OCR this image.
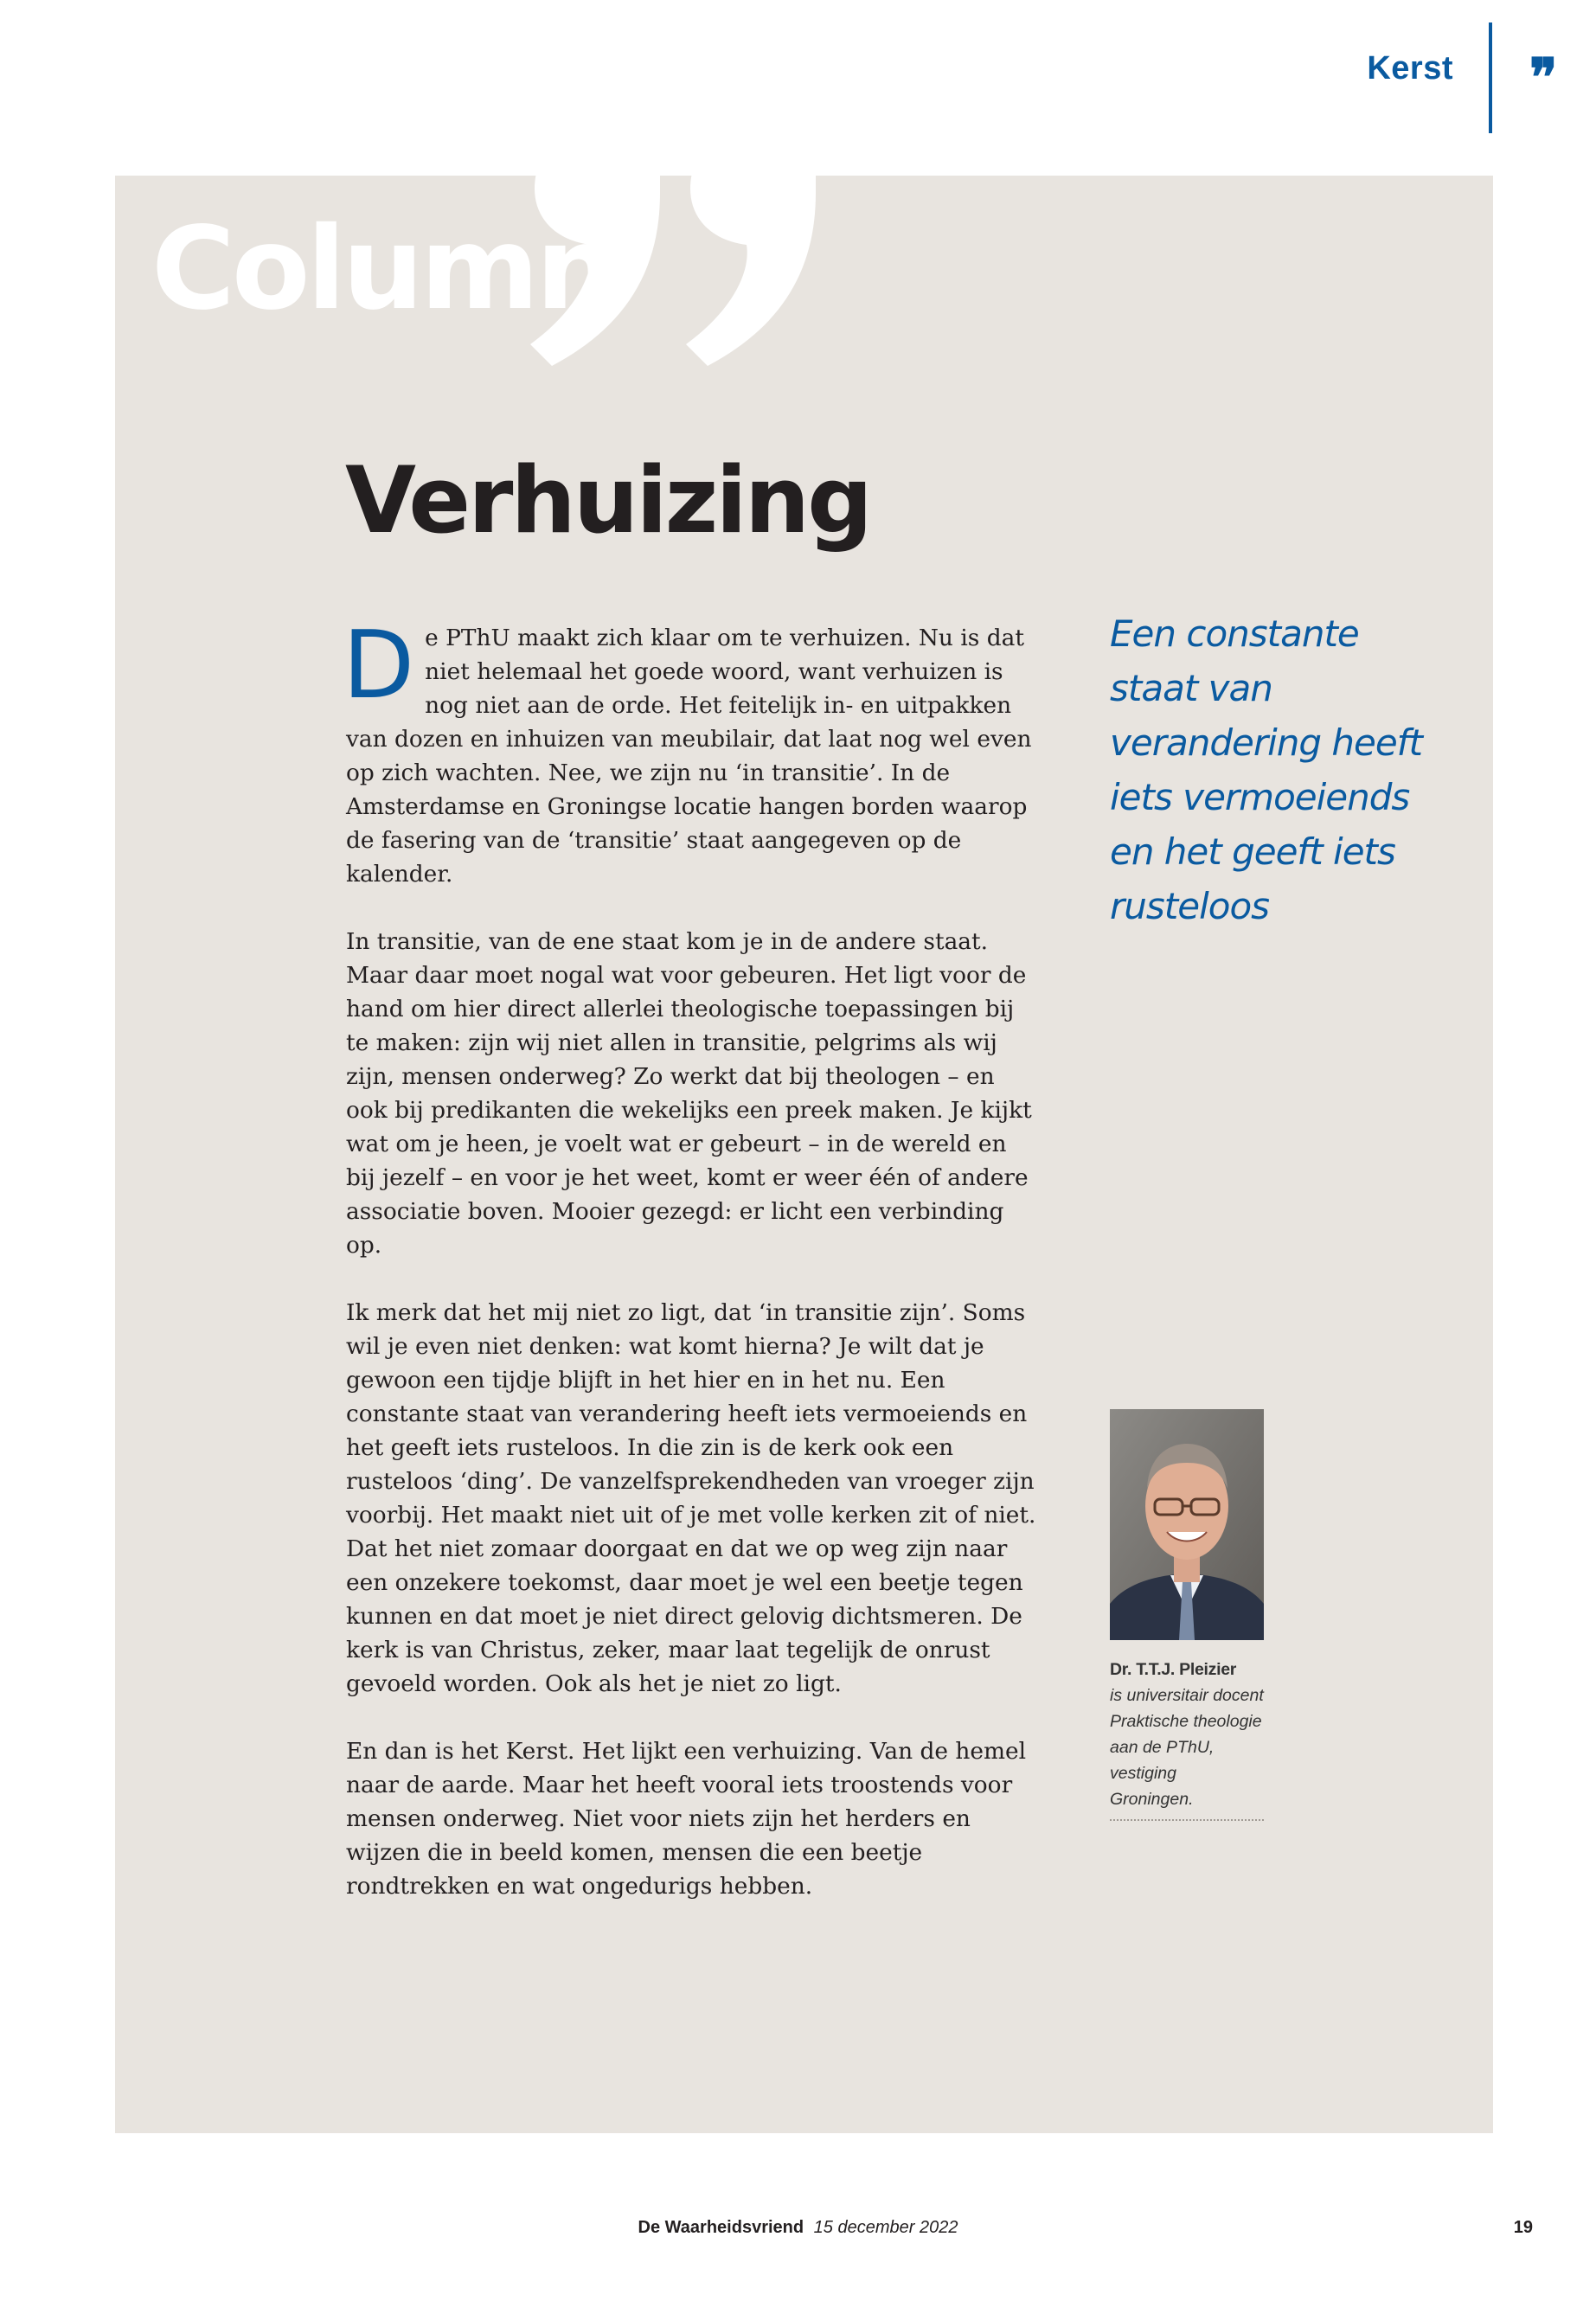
Kerst ❞
Column
Verhuizing

De PThU maakt zich klaar om te verhuizen. Nu is dat niet helemaal het goede woord, want verhuizen is nog niet aan de orde. Het feitelijk in- en uitpakken van dozen en inhuizen van meubilair, dat laat nog wel even op zich wachten. Nee, we zijn nu ‘in transitie’. In de Amsterdamse en Groningse locatie hangen borden waarop de fasering van de ‘transitie’ staat aangegeven op de kalender.

In transitie, van de ene staat kom je in de andere staat. Maar daar moet nogal wat voor gebeuren. Het ligt voor de hand om hier direct allerlei theologische toepassingen bij te maken: zijn wij niet allen in transitie, pelgrims als wij zijn, mensen onderweg? Zo werkt dat bij theologen – en ook bij predikanten die wekelijks een preek maken. Je kijkt wat om je heen, je voelt wat er gebeurt – in de wereld en bij jezelf – en voor je het weet, komt er weer één of andere associatie boven. Mooier gezegd: er licht een verbinding op.

Ik merk dat het mij niet zo ligt, dat ‘in transitie zijn’. Soms wil je even niet denken: wat komt hierna? Je wilt dat je gewoon een tijdje blijft in het hier en in het nu. Een constante staat van verandering heeft iets vermoeiends en het geeft iets rusteloos. In die zin is de kerk ook een rusteloos ‘ding’. De vanzelfsprekendheden van vroeger zijn voorbij. Het maakt niet uit of je met volle kerken zit of niet. Dat het niet zomaar doorgaat en dat we op weg zijn naar een onzekere toekomst, daar moet je wel een beetje tegen kunnen en dat moet je niet direct gelovig dichtsmeren. De kerk is van Christus, zeker, maar laat tegelijk de onrust gevoeld worden. Ook als het je niet zo ligt.

En dan is het Kerst. Het lijkt een verhuizing. Van de hemel naar de aarde. Maar het heeft vooral iets troostends voor mensen onderweg. Niet voor niets zijn het herders en wijzen die in beeld komen, mensen die een beetje rondtrekken en wat ongedurigs hebben.

Een constante staat van verandering heeft iets vermoeiends en het geeft iets rusteloos
Dr. T.T.J. Pleizier
is universitair docent Praktische theologie aan de PThU, vestiging Groningen.
De Waarheidsvriend 15 december 2022	19
